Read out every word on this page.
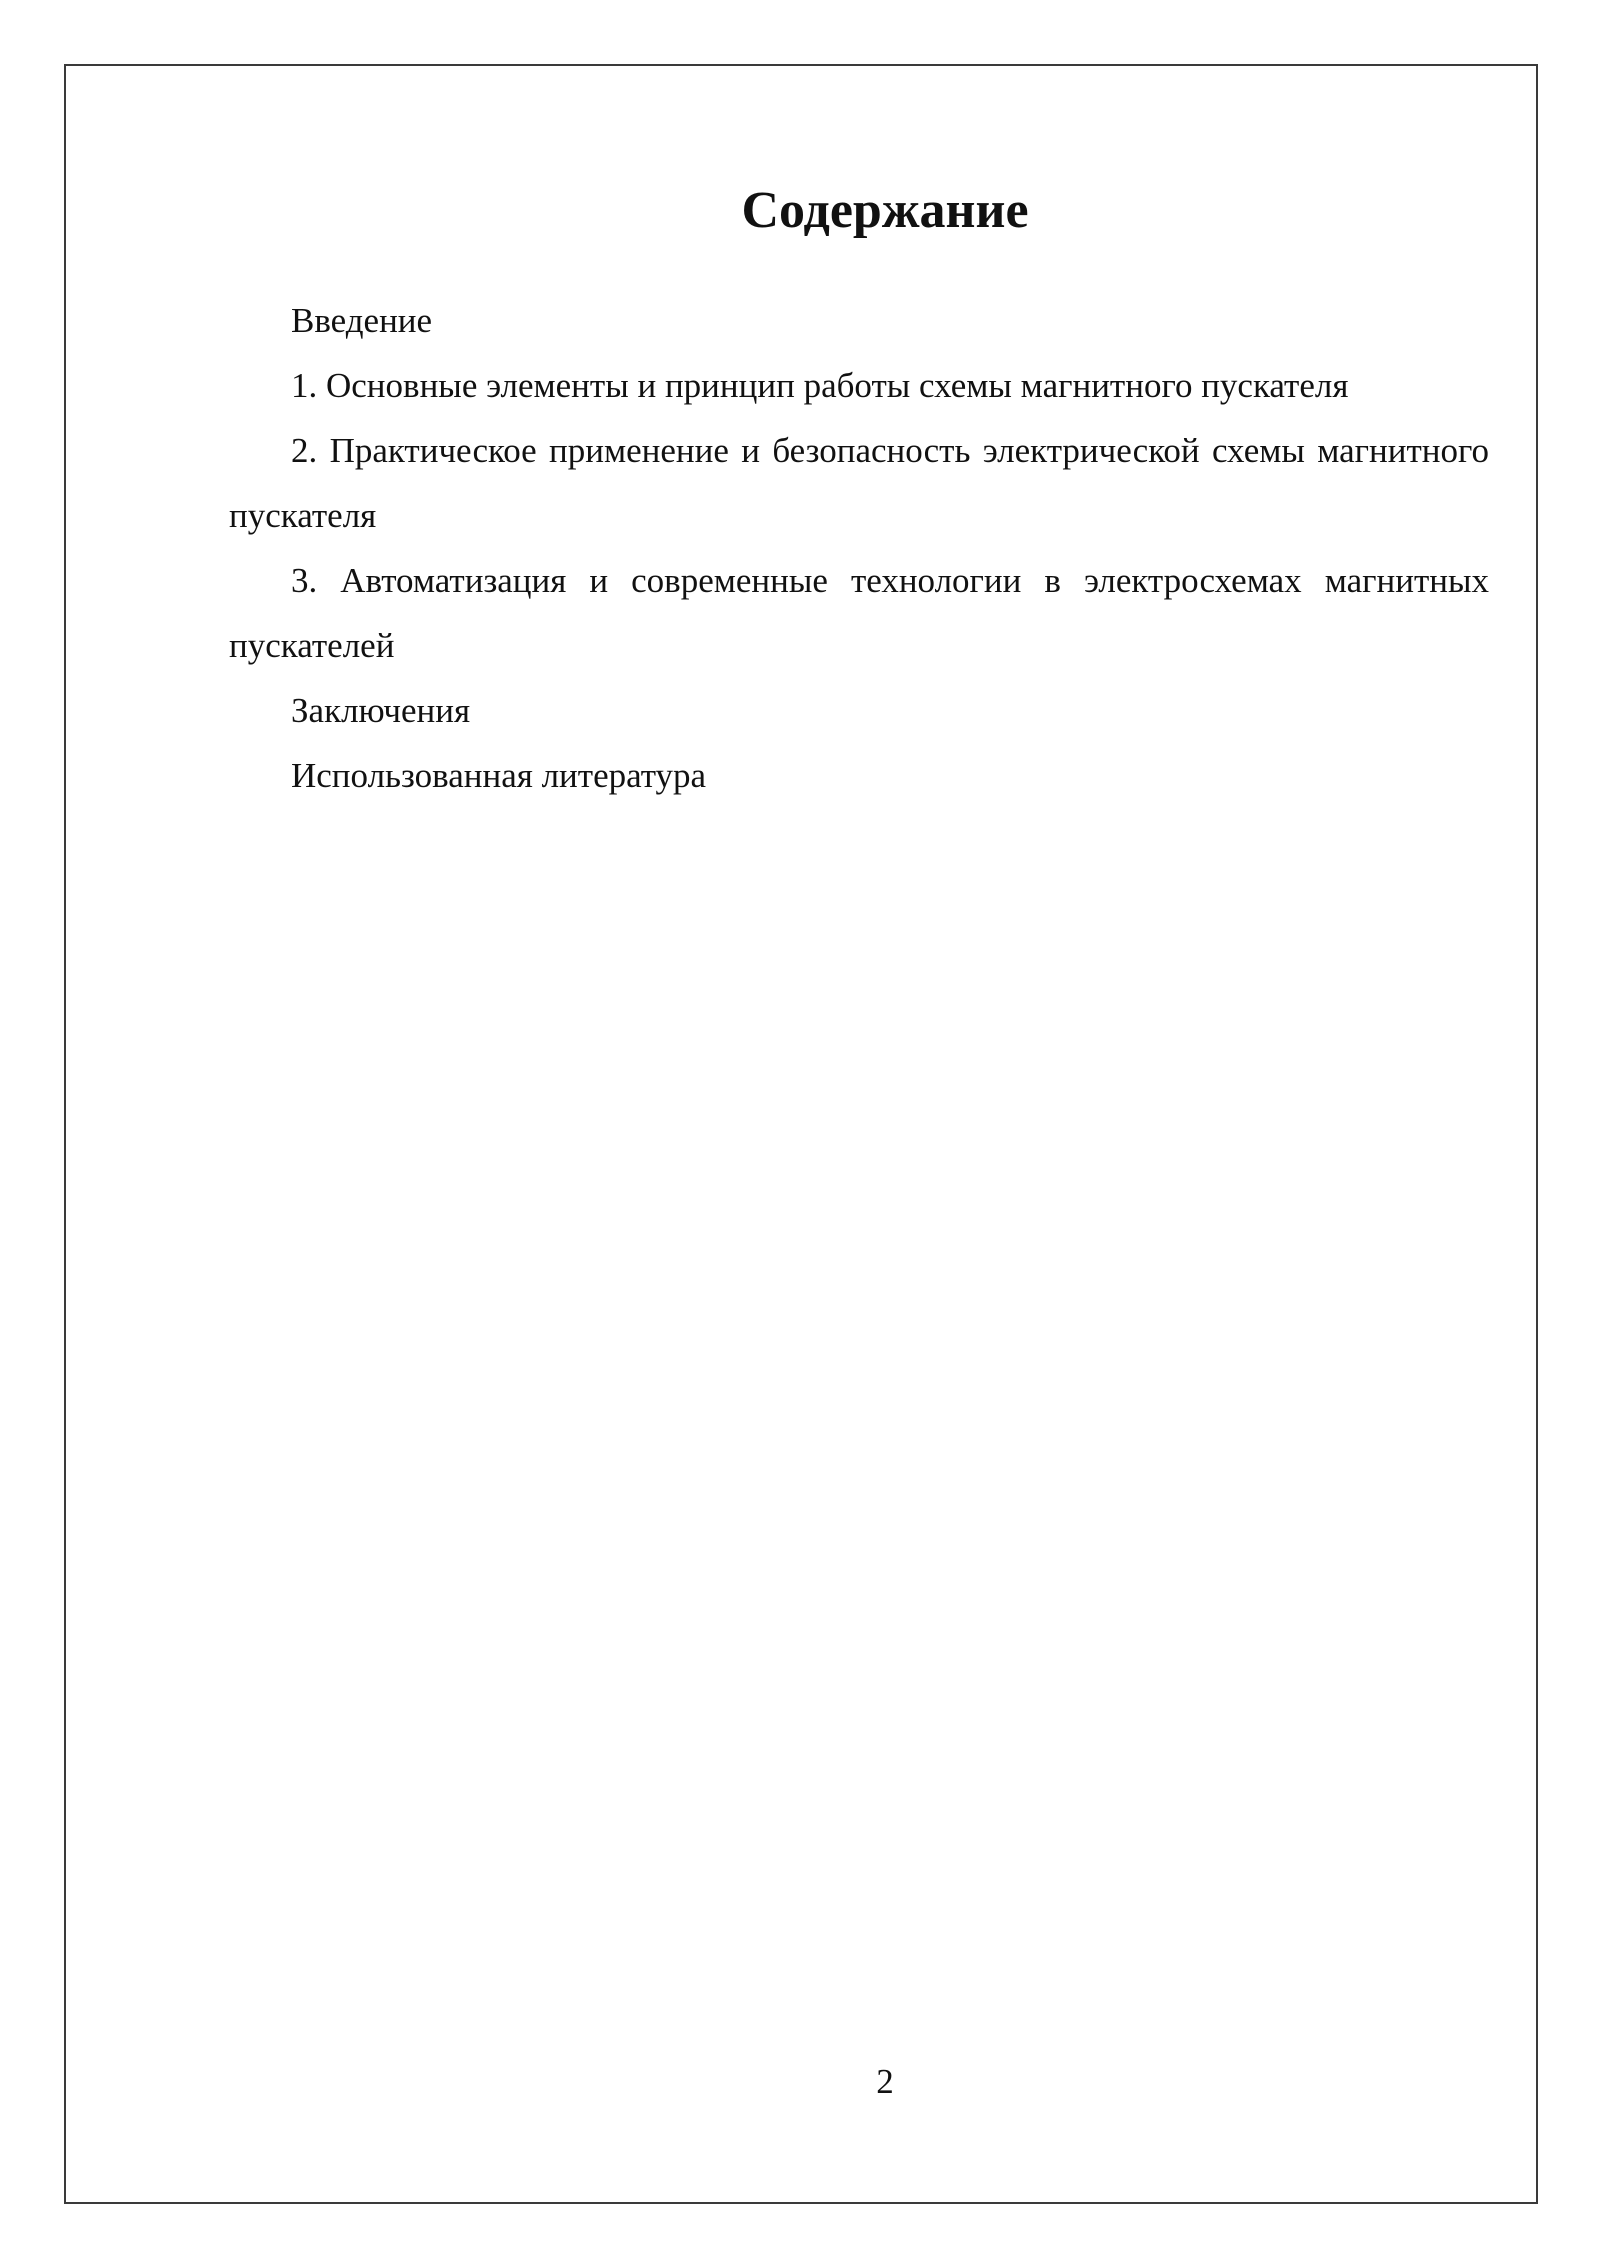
Содержание

Введение

1. Основные элементы и принцип работы схемы магнитного пускателя

2. Практическое применение и безопасность электрической схемы магнитного пускателя

3. Автоматизация и современные технологии в электросхемах магнитных пускателей

Заключения

Использованная литература

2
